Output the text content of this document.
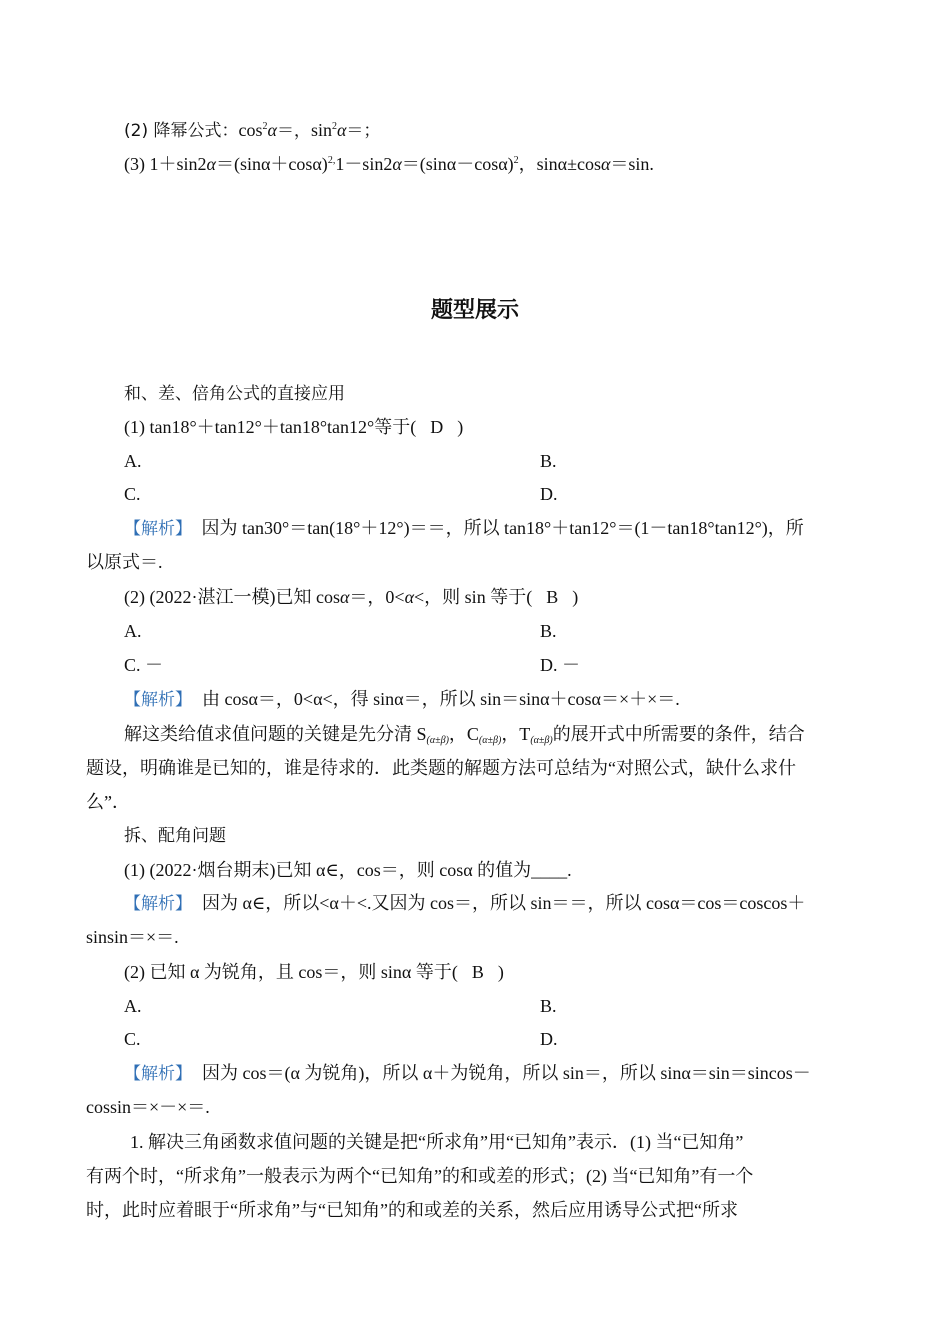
(2) 降幂公式：$\cos^2\alpha=$，$\sin^2\alpha=$；
(3) $1+\sin 2\alpha=(\sin\alpha+\cos\alpha)^{2,}1-\sin 2\alpha=(\sin\alpha-\cos\alpha)^2$，sinα±cosα＝sin.
题型展示
和、差、倍角公式的直接应用
(1) tan18°＋tan12°＋tan18°tan12°等于( D )
A.	B.
C.	D.
【解析】　因为 tan30°＝tan(18°＋12°)＝＝，所以 tan18°＋tan12°＝(1－tan18°tan12°)，所
以原式＝.
(2) (2022·湛江一模)已知 cosα＝，0<α<，则 sin 等于( B )
A.	B.
C. －	D. －
【解析】 由 cosα＝，0<α<，得 sinα＝，所以 sin＝sinα＋cosα＝×＋×＝.
解这类给值求值问题的关键是先分清 $S_{(\alpha\pm\beta)}$，$C_{(\alpha\pm\beta)}$，$T_{(\alpha\pm\beta)}$的展开式中所需要的条件，结合
题设，明确谁是已知的，谁是待求的．此类题的解题方法可总结为“对照公式，缺什么求什
么”．
拆、配角问题
(1) (2022·烟台期末)已知 α∈，cos＝，则 cosα 的值为____.
【解析】 因为 α∈，所以<α＋<.又因为 cos＝，所以 sin＝＝，所以 cosα＝cos＝coscos＋
sinsin＝×＝.
(2) 已知 α 为锐角，且 cos＝，则 sinα 等于( B )
A.	B.
C.	D.
【解析】 因为 cos＝(α 为锐角)，所以 α＋为锐角，所以 sin＝，所以 sinα＝sin＝sincos－
cossin＝×－×＝.
1. 解决三角函数求值问题的关键是把“所求角”用“已知角”表示．(1) 当“已知角”
有两个时，“所求角”一般表示为两个“已知角”的和或差的形式；(2) 当“已知角”有一个
时，此时应着眼于“所求角”与“已知角”的和或差的关系，然后应用诱导公式把“所求
